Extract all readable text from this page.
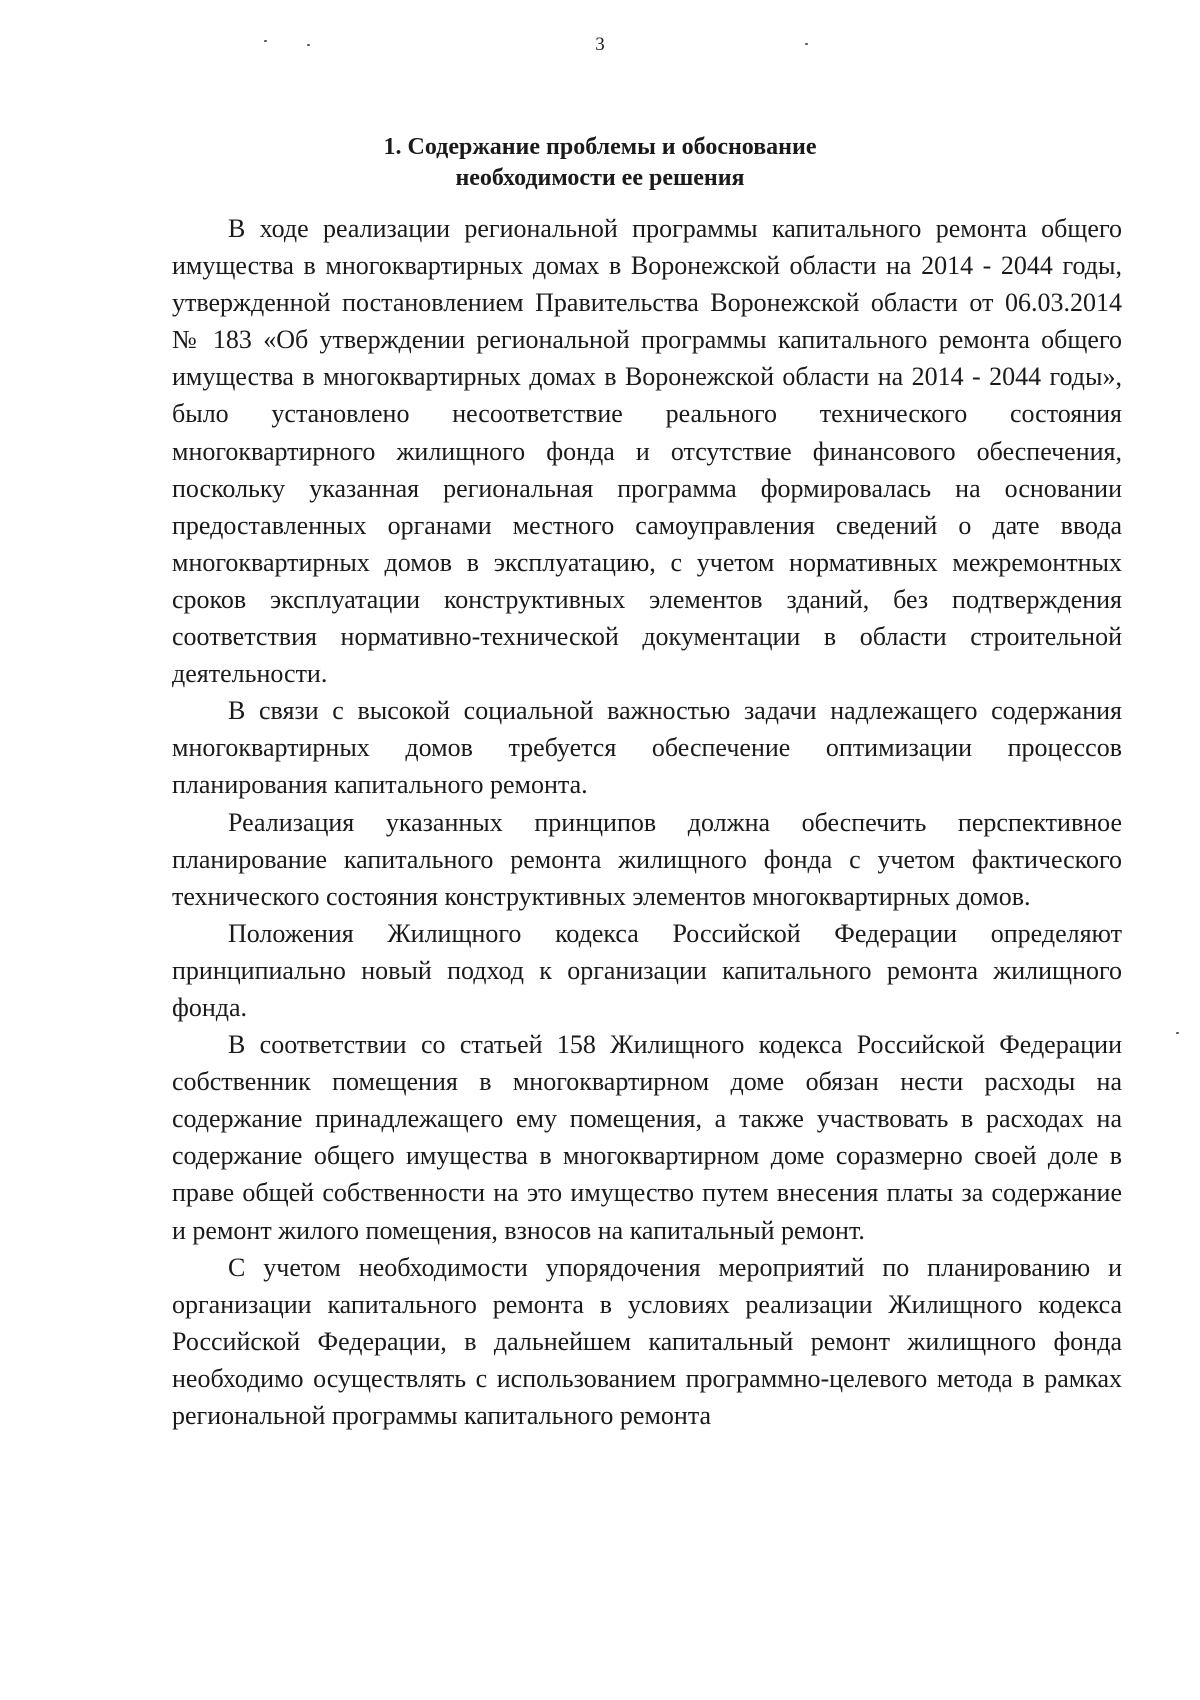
3
1. Содержание проблемы и обоснование
необходимости ее решения

В ходе реализации региональной программы капитального ремонта общего имущества в многоквартирных домах в Воронежской области на 2014 - 2044 годы, утвержденной постановлением Правительства Воронежской области от 06.03.2014 № 183 «Об утверждении региональной программы капитального ремонта общего имущества в многоквартирных домах в Воронежской области на 2014 - 2044 годы», было установлено несоответствие реального технического состояния многоквартирного жилищного фонда и отсутствие финансового обеспечения, поскольку указанная региональная программа формировалась на основании предоставленных органами местного самоуправления сведений о дате ввода многоквартирных домов в эксплуатацию, с учетом нормативных межремонтных сроков эксплуатации конструктивных элементов зданий, без подтверждения соответствия нормативно-технической документации в области строительной деятельности.

В связи с высокой социальной важностью задачи надлежащего содержания многоквартирных домов требуется обеспечение оптимизации процессов планирования капитального ремонта.

Реализация указанных принципов должна обеспечить перспективное планирование капитального ремонта жилищного фонда с учетом фактического технического состояния конструктивных элементов многоквартирных домов.

Положения Жилищного кодекса Российской Федерации определяют принципиально новый подход к организации капитального ремонта жилищного фонда.

В соответствии со статьей 158 Жилищного кодекса Российской Федерации собственник помещения в многоквартирном доме обязан нести расходы на содержание принадлежащего ему помещения, а также участвовать в расходах на содержание общего имущества в многоквартирном доме соразмерно своей доле в праве общей собственности на это имущество путем внесения платы за содержание и ремонт жилого помещения, взносов на капитальный ремонт.

С учетом необходимости упорядочения мероприятий по планированию и организации капитального ремонта в условиях реализации Жилищного кодекса Российской Федерации, в дальнейшем капитальный ремонт жилищного фонда необходимо осуществлять с использованием программно-целевого метода в рамках региональной программы капитального ремонта
